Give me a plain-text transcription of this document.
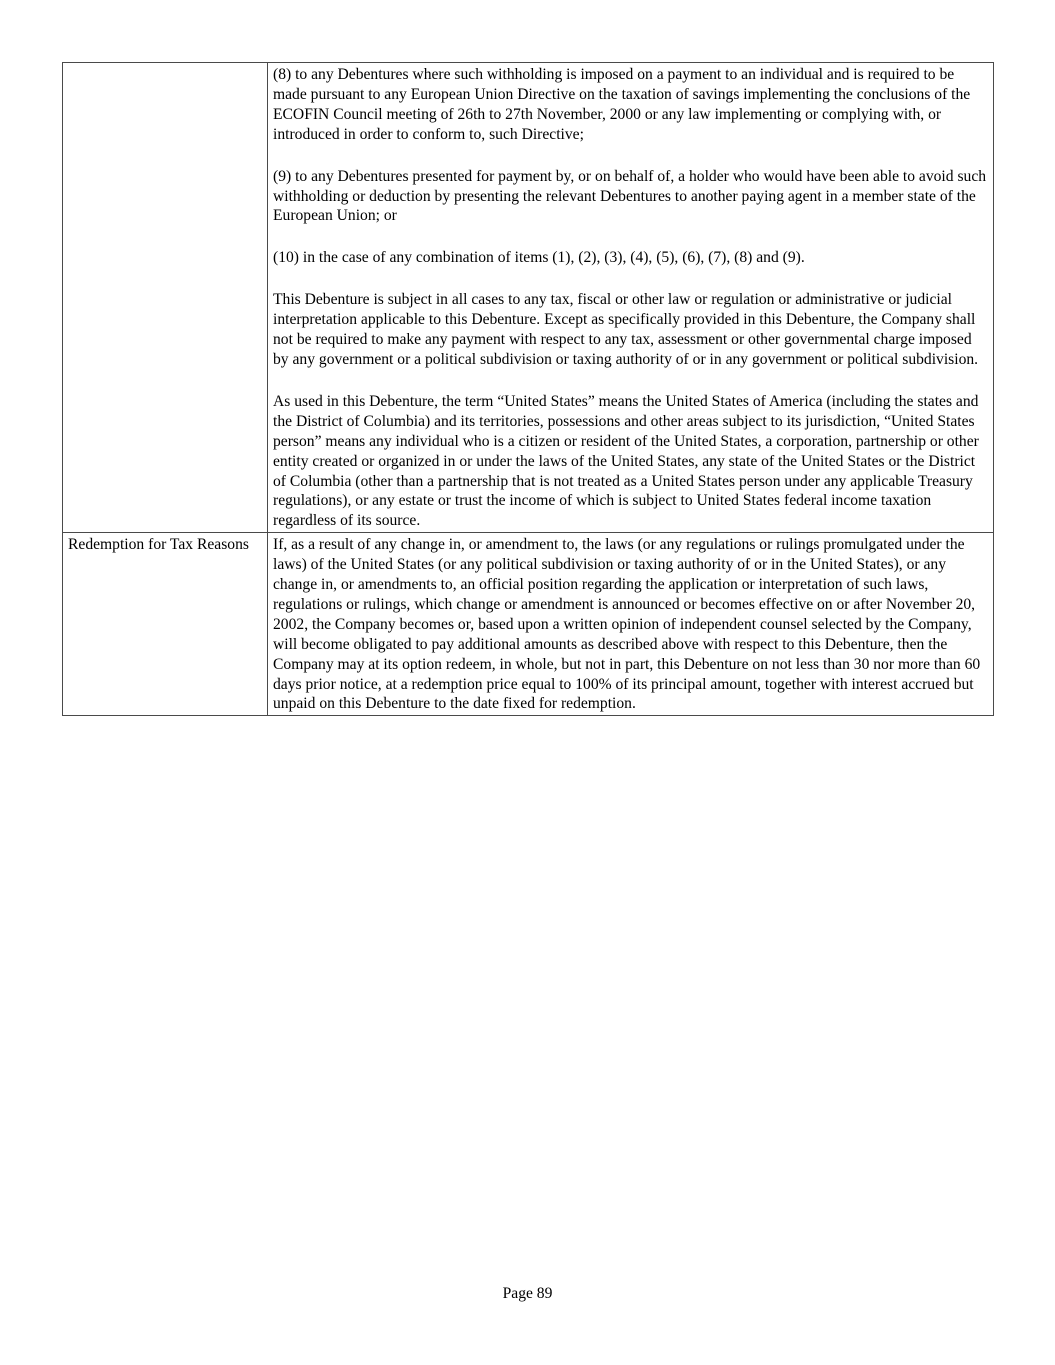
	(8) to any Debentures where such withholding is imposed on a payment to an individual and is required to be made pursuant to any European Union Directive on the taxation of savings implementing the conclusions of the ECOFIN Council meeting of 26th to 27th November, 2000 or any law implementing or complying with, or introduced in order to conform to, such Directive;

(9) to any Debentures presented for payment by, or on behalf of, a holder who would have been able to avoid such withholding or deduction by presenting the relevant Debentures to another paying agent in a member state of the European Union; or

(10) in the case of any combination of items (1), (2), (3), (4), (5), (6), (7), (8) and (9).

This Debenture is subject in all cases to any tax, fiscal or other law or regulation or administrative or judicial interpretation applicable to this Debenture. Except as specifically provided in this Debenture, the Company shall not be required to make any payment with respect to any tax, assessment or other governmental charge imposed by any government or a political subdivision or taxing authority of or in any government or political subdivision.

As used in this Debenture, the term “United States” means the United States of America (including the states and the District of Columbia) and its territories, possessions and other areas subject to its jurisdiction, “United States person” means any individual who is a citizen or resident of the United States, a corporation, partnership or other entity created or organized in or under the laws of the United States, any state of the United States or the District of Columbia (other than a partnership that is not treated as a United States person under any applicable Treasury regulations), or any estate or trust the income of which is subject to United States federal income taxation regardless of its source.

Redemption for Tax Reasons	If, as a result of any change in, or amendment to, the laws (or any regulations or rulings promulgated under the laws) of the United States (or any political subdivision or taxing authority of or in the United States), or any change in, or amendments to, an official position regarding the application or interpretation of such laws, regulations or rulings, which change or amendment is announced or becomes effective on or after November 20, 2002, the Company becomes or, based upon a written opinion of independent counsel selected by the Company, will become obligated to pay additional amounts as described above with respect to this Debenture, then the Company may at its option redeem, in whole, but not in part, this Debenture on not less than 30 nor more than 60 days prior notice, at a redemption price equal to 100% of its principal amount, together with interest accrued but unpaid on this Debenture to the date fixed for redemption.

Page 89
